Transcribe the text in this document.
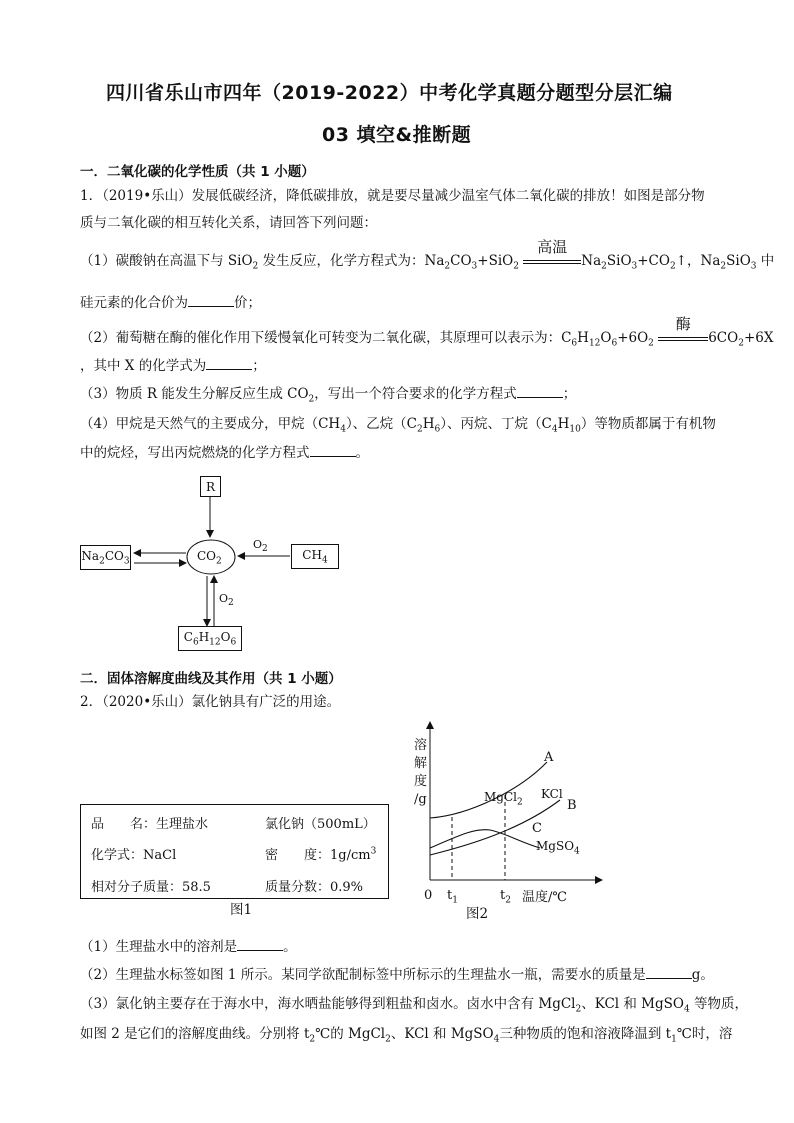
四川省乐山市四年（2019-2022）中考化学真题分题型分层汇编
03 填空&推断题
一．二氧化碳的化学性质（共 1 小题）
1．（2019•乐山）发展低碳经济，降低碳排放，就是要尽量减少温室气体二氧化碳的排放！如图是部分物
质与二氧化碳的相互转化关系，请回答下列问题：
（1）碳酸钠在高温下与 SiO$_2$ 发生反应，化学方程式为：$Na_2CO_3+SiO_2$
高温
$Na_2SiO_3+CO_2↑$，$Na_2SiO_3$ 中
硅元素的化合价为	价；
（2）葡萄糖在酶的催化作用下缓慢氧化可转变为二氧化碳，其原理可以表示为：$C_6H_{12}O_6+6O_2$
酶
$6CO_2+6X$
，其中 X 的化学式为	；
（3）物质 R 能发生分解反应生成 $CO_2$，写出一个符合要求的化学方程式	；
（4）甲烷是天然气的主要成分，甲烷$(CH_4)$、乙烷$(C_2H_6)$、丙烷、丁烷$(C_4H_{10})$等物质都属于有机物
中的烷烃，写出丙烷燃烧的化学方程式	。
R
$CO_2$
$Na_2CO_3$	$CH_4$
$C_6H_{12}O_6$
$O_2$
$O_2$
二．固体溶解度曲线及其作用（共 1 小题）
2．（2020•乐山）氯化钠具有广泛的用途。
品　　名：生理盐水	氯化钠（500mL）
化学式：NaCl	密　　度：$1g/cm^3$
相对分子质量：58.5	质量分数：0.9%
图1
溶
解
度
/g
0 $t_1$	$t_2$ 温度/℃
MgCl$_2$
A
KCl
B
C
MgSO$_4$
图2
（1）生理盐水中的溶剂是	。
（2）生理盐水标签如图 1 所示。某同学欲配制标签中所标示的生理盐水一瓶，需要水的质量是	g。
（3）氯化钠主要存在于海水中，海水晒盐能够得到粗盐和卤水。卤水中含有 MgCl$_2$、KCl 和 MgSO$_4$ 等物质，
如图 2 是它们的溶解度曲线。分别将 $t_2℃$的 MgCl$_2$、KCl 和 MgSO$_4$三种物质的饱和溶液降温到 $t_1℃$时，溶
